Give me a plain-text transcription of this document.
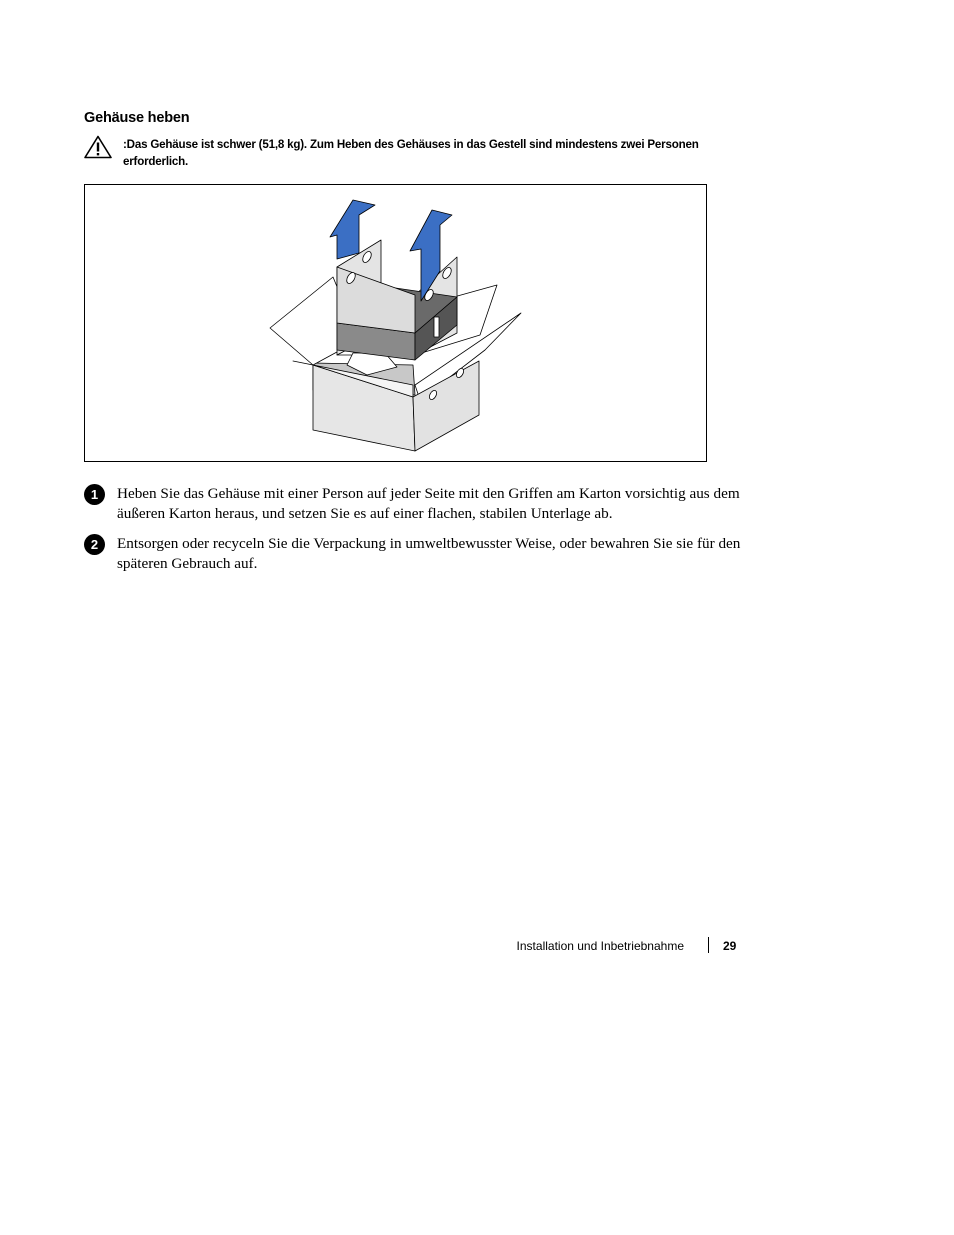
Gehäuse heben
:Das Gehäuse ist schwer (51,8 kg). Zum Heben des Gehäuses in das Gestell sind mindestens zwei Personen erforderlich.
1	Heben Sie das Gehäuse mit einer Person auf jeder Seite mit den Griffen am Karton vorsichtig aus dem äußeren Karton heraus, und setzen Sie es auf einer flachen, stabilen Unterlage ab.
2	Entsorgen oder recyceln Sie die Verpackung in umweltbewusster Weise, oder bewahren Sie sie für den späteren Gebrauch auf.
Installation und Inbetriebnahme	29
